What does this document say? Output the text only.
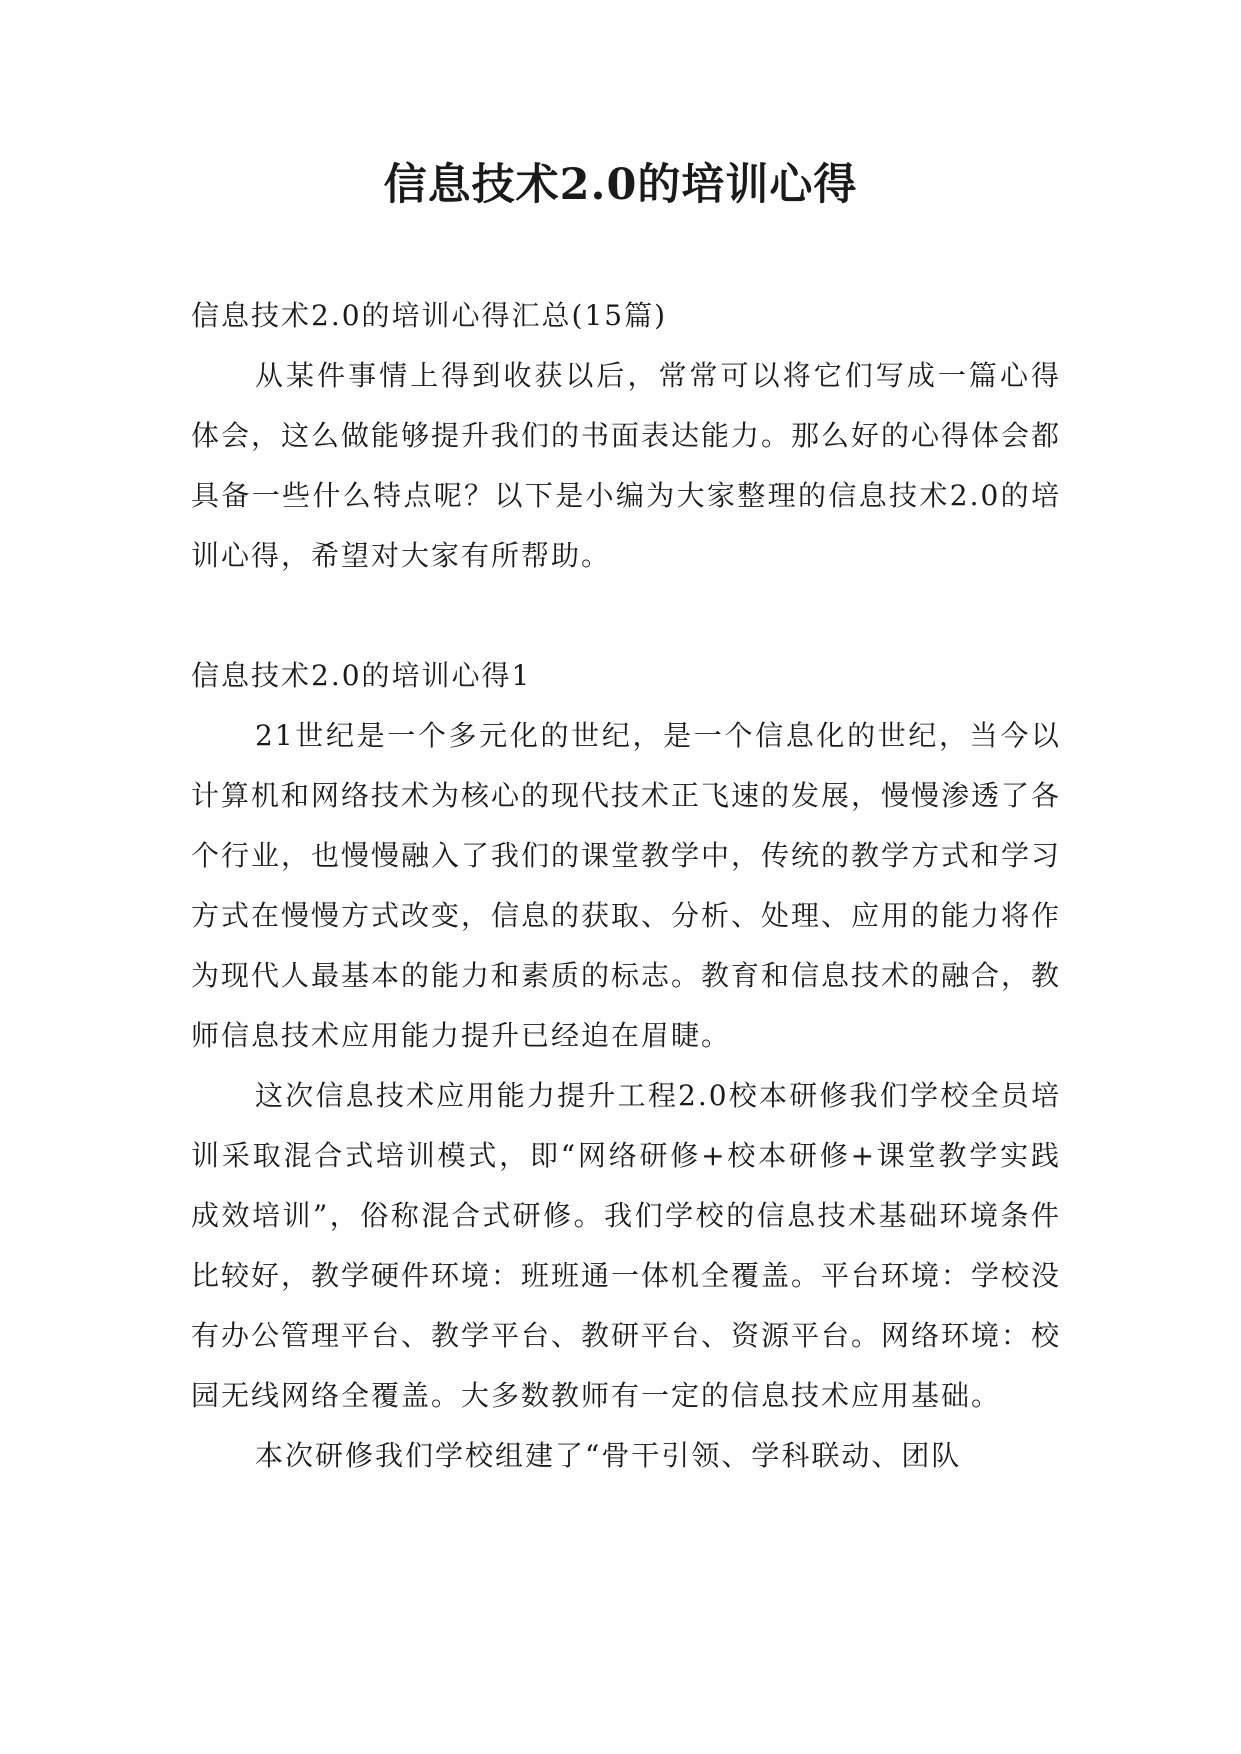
信息技术2.0的培训心得

信息技术2.0的培训心得汇总(15篇)

从某件事情上得到收获以后，常常可以将它们写成一篇心得体会，这么做能够提升我们的书面表达能力。那么好的心得体会都具备一些什么特点呢？以下是小编为大家整理的信息技术2.0的培训心得，希望对大家有所帮助。

信息技术2.0的培训心得1

21世纪是一个多元化的世纪，是一个信息化的世纪，当今以计算机和网络技术为核心的现代技术正飞速的发展，慢慢渗透了各个行业，也慢慢融入了我们的课堂教学中，传统的教学方式和学习方式在慢慢方式改变，信息的获取、分析、处理、应用的能力将作为现代人最基本的能力和素质的标志。教育和信息技术的融合，教师信息技术应用能力提升已经迫在眉睫。

这次信息技术应用能力提升工程2.0校本研修我们学校全员培训采取混合式培训模式，即“网络研修+校本研修+课堂教学实践成效培训”，俗称混合式研修。我们学校的信息技术基础环境条件比较好，教学硬件环境：班班通一体机全覆盖。平台环境：学校没有办公管理平台、教学平台、教研平台、资源平台。网络环境：校园无线网络全覆盖。大多数教师有一定的信息技术应用基础。

本次研修我们学校组建了“骨干引领、学科联动、团队
